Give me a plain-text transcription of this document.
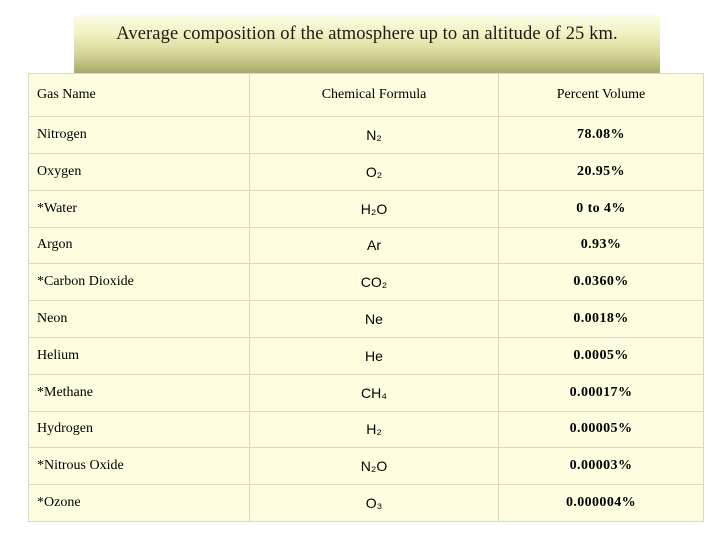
Average composition of the atmosphere up to an altitude of 25 km.
Gas Name	Chemical Formula	Percent Volume
Nitrogen	N₂	78.08%
Oxygen	O₂	20.95%
*Water	H₂O	0 to 4%
Argon	Ar	0.93%
*Carbon Dioxide	CO₂	0.0360%
Neon	Ne	0.0018%
Helium	He	0.0005%
*Methane	CH₄	0.00017%
Hydrogen	H₂	0.00005%
*Nitrous Oxide	N₂O	0.00003%
*Ozone	O₃	0.000004%
